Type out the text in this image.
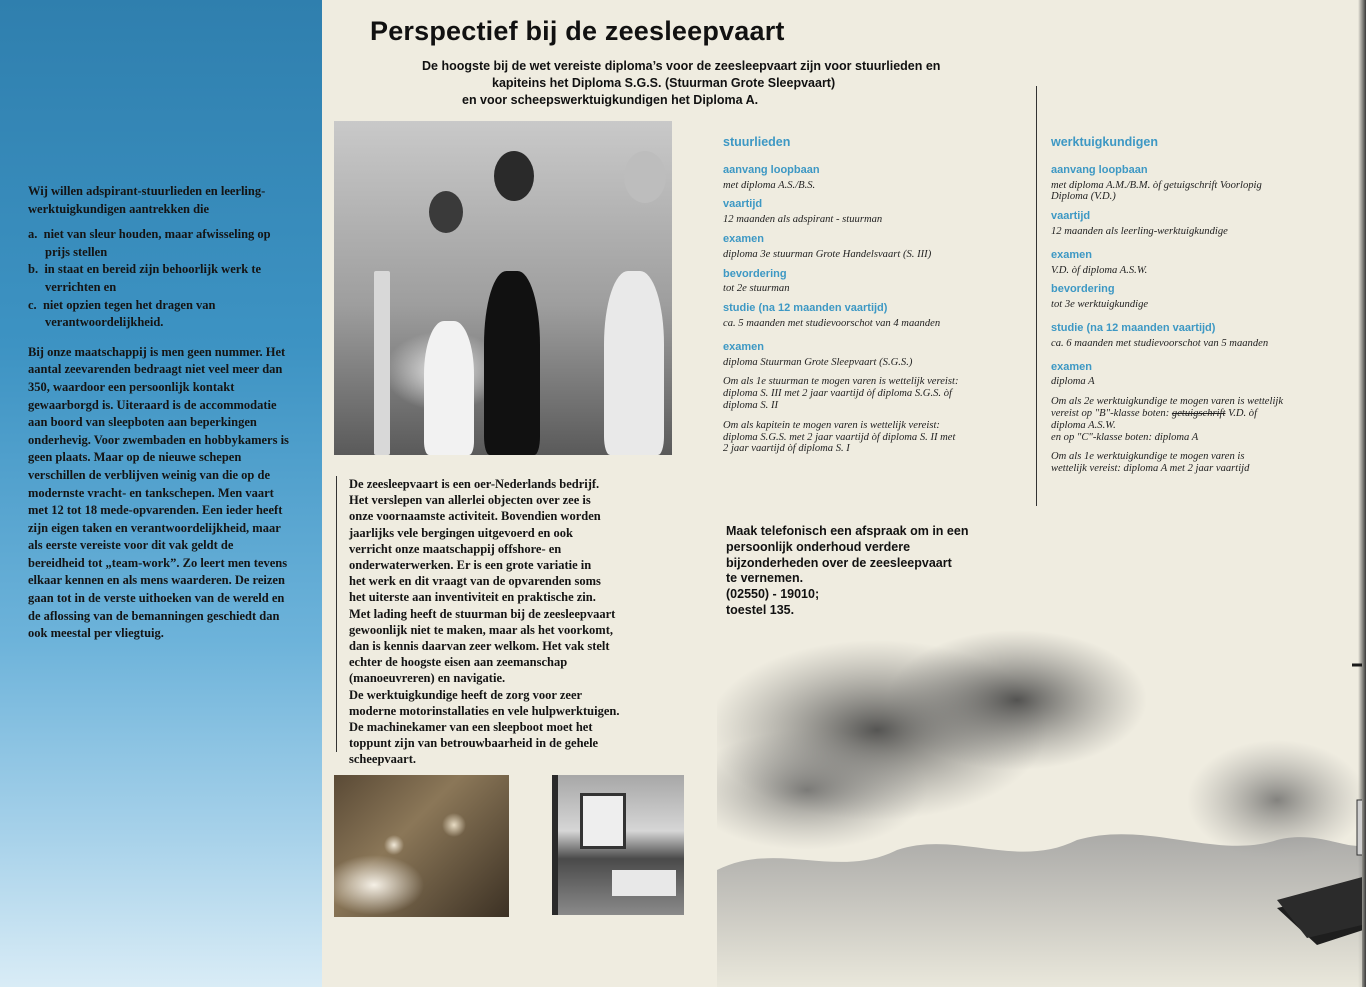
Wij willen adspirant-stuurlieden en leerling-werktuigkundigen aantrekken die

a. niet van sleur houden, maar afwisseling op prijs stellen

b. in staat en bereid zijn behoorlijk werk te verrichten en

c. niet opzien tegen het dragen van verantwoordelijkheid.

Bij onze maatschappij is men geen nummer. Het aantal zeevarenden bedraagt niet veel meer dan 350, waardoor een persoonlijk kontakt gewaarborgd is. Uiteraard is de accommodatie aan boord van sleepboten aan beperkingen onderhevig. Voor zwembaden en hobbykamers is geen plaats. Maar op de nieuwe schepen verschillen de verblijven weinig van die op de modernste vracht- en tankschepen. Men vaart met 12 tot 18 mede-opvarenden. Een ieder heeft zijn eigen taken en verantwoordelijkheid, maar als eerste vereiste voor dit vak geldt de bereidheid tot „team-work”. Zo leert men tevens elkaar kennen en als mens waarderen. De reizen gaan tot in de verste uithoeken van de wereld en de aflossing van de bemanningen geschiedt dan ook meestal per vliegtuig.

Perspectief bij de zeesleepvaart
De hoogste bij de wet vereiste diploma’s voor de zeesleepvaart zijn voor stuurlieden en
kapiteins het Diploma S.G.S. (Stuurman Grote Sleepvaart)
en voor scheepswerktuigkundigen het Diploma A.
De zeesleepvaart is een oer-Nederlands bedrijf.
Het verslepen van allerlei objecten over zee is
onze voornaamste activiteit. Bovendien worden
jaarlijks vele bergingen uitgevoerd en ook
verricht onze maatschappij offshore- en
onderwaterwerken. Er is een grote variatie in
het werk en dit vraagt van de opvarenden soms
het uiterste aan inventiviteit en praktische zin.
Met lading heeft de stuurman bij de zeesleepvaart
gewoonlijk niet te maken, maar als het voorkomt,
dan is kennis daarvan zeer welkom. Het vak stelt
echter de hoogste eisen aan zeemanschap
(manoeuvreren) en navigatie.
De werktuigkundige heeft de zorg voor zeer
moderne motorinstallaties en vele hulpwerktuigen.
De machinekamer van een sleepboot moet het
toppunt zijn van betrouwbaarheid in de gehele
scheepvaart.
stuurlieden
aanvang loopbaan
met diploma A.S./B.S.
vaartijd
12 maanden als adspirant - stuurman
examen
diploma 3e stuurman Grote Handelsvaart (S. III)
bevordering
tot 2e stuurman
studie (na 12 maanden vaartijd)
ca. 5 maanden met studievoorschot van 4 maanden
examen
diploma Stuurman Grote Sleepvaart (S.G.S.)
Om als 1e stuurman te mogen varen is wettelijk vereist:
diploma S. III met 2 jaar vaartijd òf diploma S.G.S. òf
diploma S. II
Om als kapitein te mogen varen is wettelijk vereist:
diploma S.G.S. met 2 jaar vaartijd òf diploma S. II met
2 jaar vaartijd òf diploma S. I
werktuigkundigen
aanvang loopbaan
met diploma A.M./B.M. òf getuigschrift Voorlopig
Diploma (V.D.)
vaartijd
12 maanden als leerling-werktuigkundige
examen
V.D. òf diploma A.S.W.
bevordering
tot 3e werktuigkundige
studie (na 12 maanden vaartijd)
ca. 6 maanden met studievoorschot van 5 maanden
examen
diploma A
Om als 2e werktuigkundige te mogen varen is wettelijk
vereist op "B"-klasse boten: getuigschrift V.D. òf
diploma A.S.W.
en op "C"-klasse boten: diploma A
Om als 1e werktuigkundige te mogen varen is
wettelijk vereist: diploma A met 2 jaar vaartijd
Maak telefonisch een afspraak om in een
persoonlijk onderhoud verdere
bijzonderheden over de zeesleepvaart
te vernemen.
(02550) - 19010;
toestel 135.
